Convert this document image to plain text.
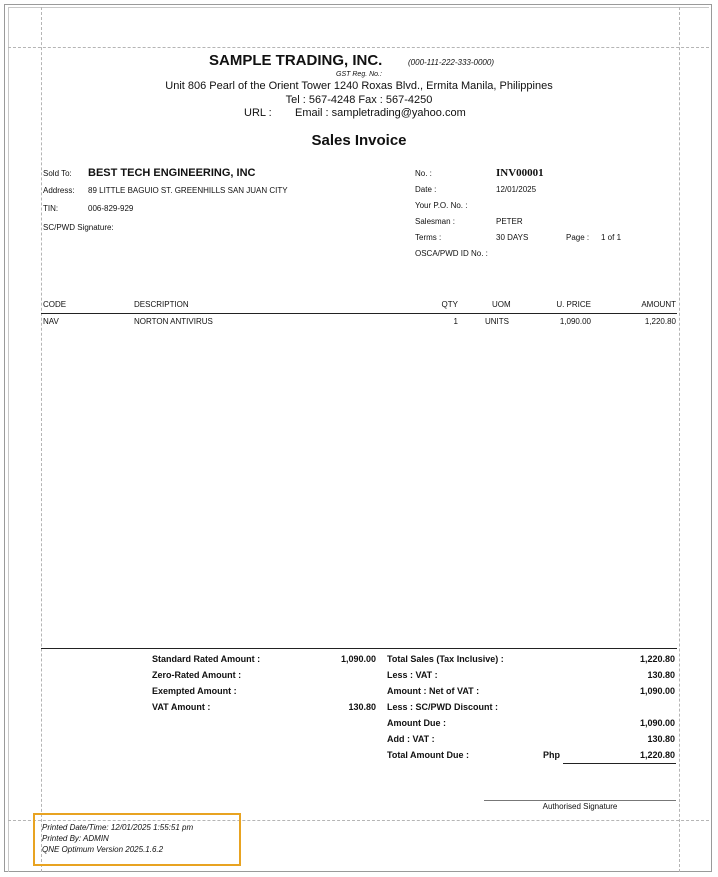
SAMPLE TRADING, INC.	(000-111-222-333-0000)
GST Reg. No.:
Unit 806 Pearl of the Orient Tower 1240 Roxas Blvd., Ermita Manila, Philippines
Tel : 567-4248 Fax : 567-4250
URL : Email : sampletrading@yahoo.com
Sales Invoice
Sold To: BEST TECH ENGINEERING, INC
Address: 89 LITTLE BAGUIO ST. GREENHILLS SAN JUAN CITY
TIN:	006-829-929
SC/PWD Signature:
No. :	INV00001
Date :	12/01/2025
Your P.O. No. :
Salesman :	PETER
Terms :	30 DAYS	Page : 1 of 1
OSCA/PWD ID No. :
CODE	DESCRIPTION	QTY	UOM	U. PRICE	AMOUNT
NAV	NORTON ANTIVIRUS	1	UNITS	1,090.00	1,220.80
Standard Rated Amount :	1,090.00
Zero-Rated Amount :
Exempted Amount :
VAT Amount :	130.80
Total Sales (Tax Inclusive) :	1,220.80
Less : VAT :	130.80
Amount : Net of VAT :	1,090.00
Less : SC/PWD Discount :
Amount Due :	1,090.00
Add : VAT :	130.80
Total Amount Due :	Php	1,220.80
Authorised Signature
Printed Date/Time: 12/01/2025 1:55:51 pm
Printed By: ADMIN
QNE Optimum Version 2025.1.6.2
